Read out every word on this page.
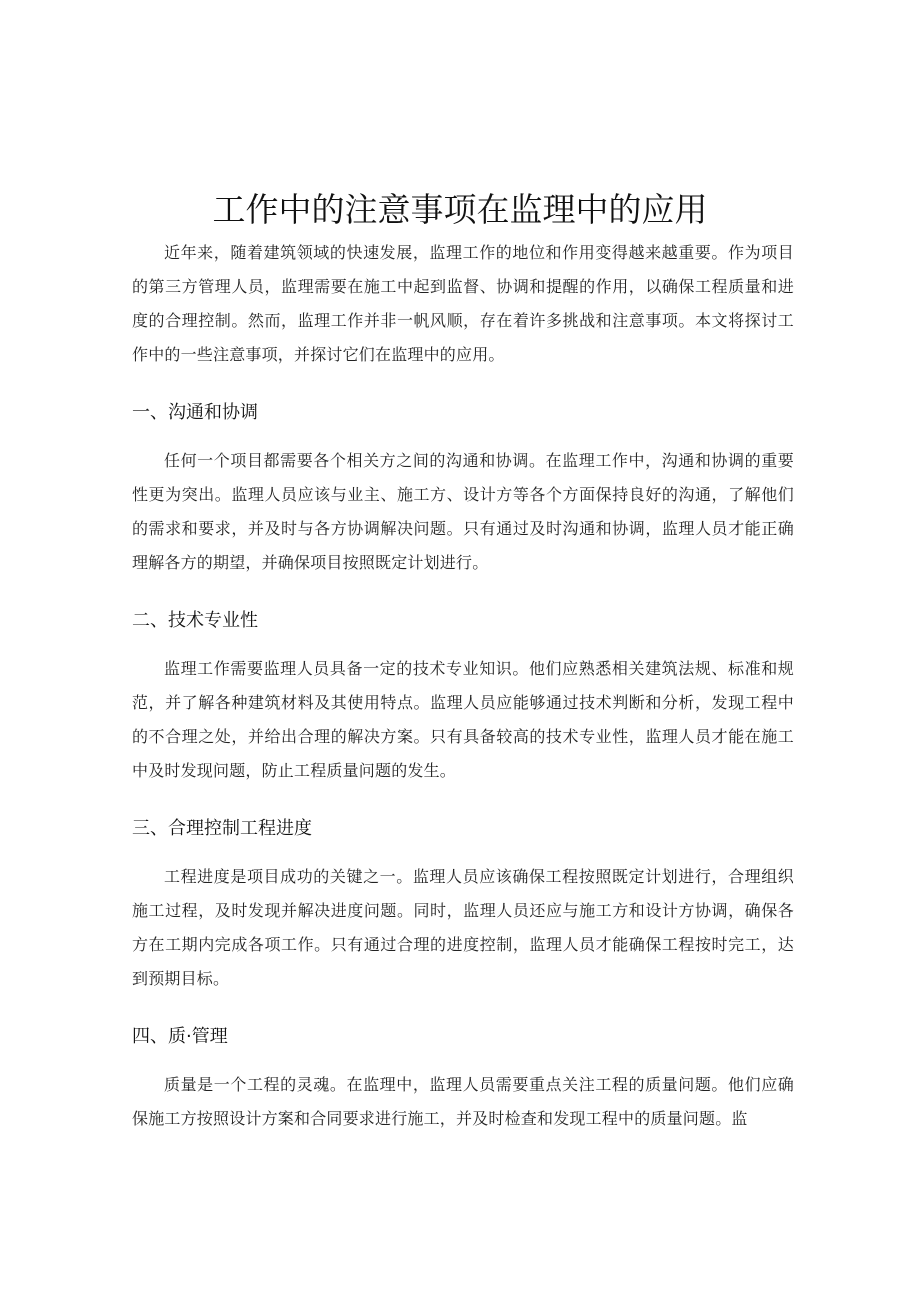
工作中的注意事项在监理中的应用

近年来，随着建筑领域的快速发展，监理工作的地位和作用变得越来越重要。作为项目的第三方管理人员，监理需要在施工中起到监督、协调和提醒的作用，以确保工程质量和进度的合理控制。然而，监理工作并非一帆风顺，存在着许多挑战和注意事项。本文将探讨工作中的一些注意事项，并探讨它们在监理中的应用。

一、沟通和协调

任何一个项目都需要各个相关方之间的沟通和协调。在监理工作中，沟通和协调的重要性更为突出。监理人员应该与业主、施工方、设计方等各个方面保持良好的沟通，了解他们的需求和要求，并及时与各方协调解决问题。只有通过及时沟通和协调，监理人员才能正确理解各方的期望，并确保项目按照既定计划进行。

二、技术专业性

监理工作需要监理人员具备一定的技术专业知识。他们应熟悉相关建筑法规、标准和规范，并了解各种建筑材料及其使用特点。监理人员应能够通过技术判断和分析，发现工程中的不合理之处，并给出合理的解决方案。只有具备较高的技术专业性，监理人员才能在施工中及时发现问题，防止工程质量问题的发生。

三、合理控制工程进度

工程进度是项目成功的关键之一。监理人员应该确保工程按照既定计划进行，合理组织施工过程，及时发现并解决进度问题。同时，监理人员还应与施工方和设计方协调，确保各方在工期内完成各项工作。只有通过合理的进度控制，监理人员才能确保工程按时完工，达到预期目标。

四、质·管理

质量是一个工程的灵魂。在监理中，监理人员需要重点关注工程的质量问题。他们应确保施工方按照设计方案和合同要求进行施工，并及时检查和发现工程中的质量问题。监
